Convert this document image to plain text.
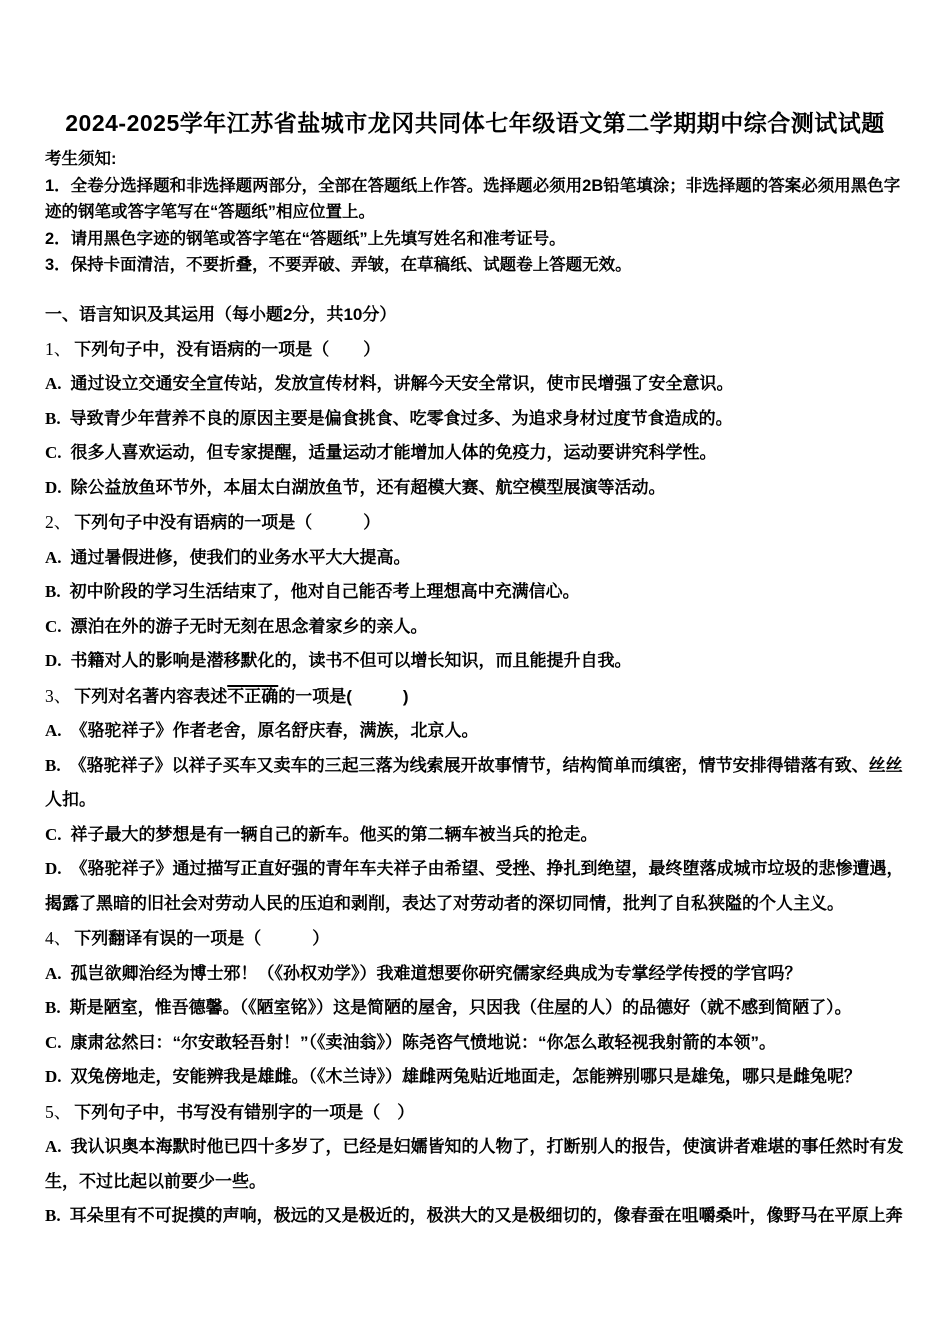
2024-2025学年江苏省盐城市龙冈共同体七年级语文第二学期期中综合测试试题

考生须知:

1．全卷分选择题和非选择题两部分，全部在答题纸上作答。选择题必须用2B铅笔填涂；非选择题的答案必须用黑色字迹的钢笔或答字笔写在“答题纸”相应位置上。

2．请用黑色字迹的钢笔或答字笔在“答题纸”上先填写姓名和准考证号。

3．保持卡面清洁，不要折叠，不要弄破、弄皱，在草稿纸、试题卷上答题无效。

一、语言知识及其运用（每小题2分，共10分）

1、 下列句子中，没有语病的一项是（　　）

A. 通过设立交通安全宣传站，发放宣传材料，讲解今天安全常识，使市民增强了安全意识。

B. 导致青少年营养不良的原因主要是偏食挑食、吃零食过多、为追求身材过度节食造成的。

C. 很多人喜欢运动，但专家提醒，适量运动才能增加人体的免疫力，运动要讲究科学性。

D. 除公益放鱼环节外，本届太白湖放鱼节，还有超模大赛、航空模型展演等活动。

2、 下列句子中没有语病的一项是（　　　）

A. 通过暑假进修，使我们的业务水平大大提高。

B. 初中阶段的学习生活结束了，他对自己能否考上理想高中充满信心。

C. 漂泊在外的游子无时无刻在思念着家乡的亲人。

D. 书籍对人的影响是潜移默化的，读书不但可以增长知识，而且能提升自我。

3、 下列对名著内容表述不正确的一项是(　　　)

A. 《骆驼祥子》作者老舍，原名舒庆春，满族，北京人。

B. 《骆驼祥子》以祥子买车又卖车的三起三落为线索展开故事情节，结构简单而缜密，情节安排得错落有致、丝丝人扣。

C. 祥子最大的梦想是有一辆自己的新车。他买的第二辆车被当兵的抢走。

D. 《骆驼祥子》通过描写正直好强的青年车夫祥子由希望、受挫、挣扎到绝望，最终堕落成城市垃圾的悲惨遭遇，揭露了黑暗的旧社会对劳动人民的压迫和剥削，表达了对劳动者的深切同情，批判了自私狭隘的个人主义。

4、 下列翻译有误的一项是（　　　）

A. 孤岂欲卿治经为博士邪！（《孙权劝学》）我难道想要你研究儒家经典成为专掌经学传授的学官吗？

B. 斯是陋室，惟吾德馨。（《陋室铭》）这是简陋的屋舍，只因我（住屋的人）的品德好（就不感到简陋了）。

C. 康肃忿然曰：“尔安敢轻吾射！”（《卖油翁》）陈尧咨气愤地说：“你怎么敢轻视我射箭的本领”。

D. 双兔傍地走，安能辨我是雄雌。（《木兰诗》）雄雌两兔贴近地面走，怎能辨别哪只是雄兔，哪只是雌兔呢？

5、 下列句子中，书写没有错别字的一项是（　）

A. 我认识奥本海默时他已四十多岁了，已经是妇嬬皆知的人物了，打断别人的报告，使演讲者难堪的事任然时有发生，不过比起以前要少一些。

B. 耳朵里有不可捉摸的声响，极远的又是极近的，极洪大的又是极细切的，像春蚕在咀嚼桑叶，像野马在平原上奔
